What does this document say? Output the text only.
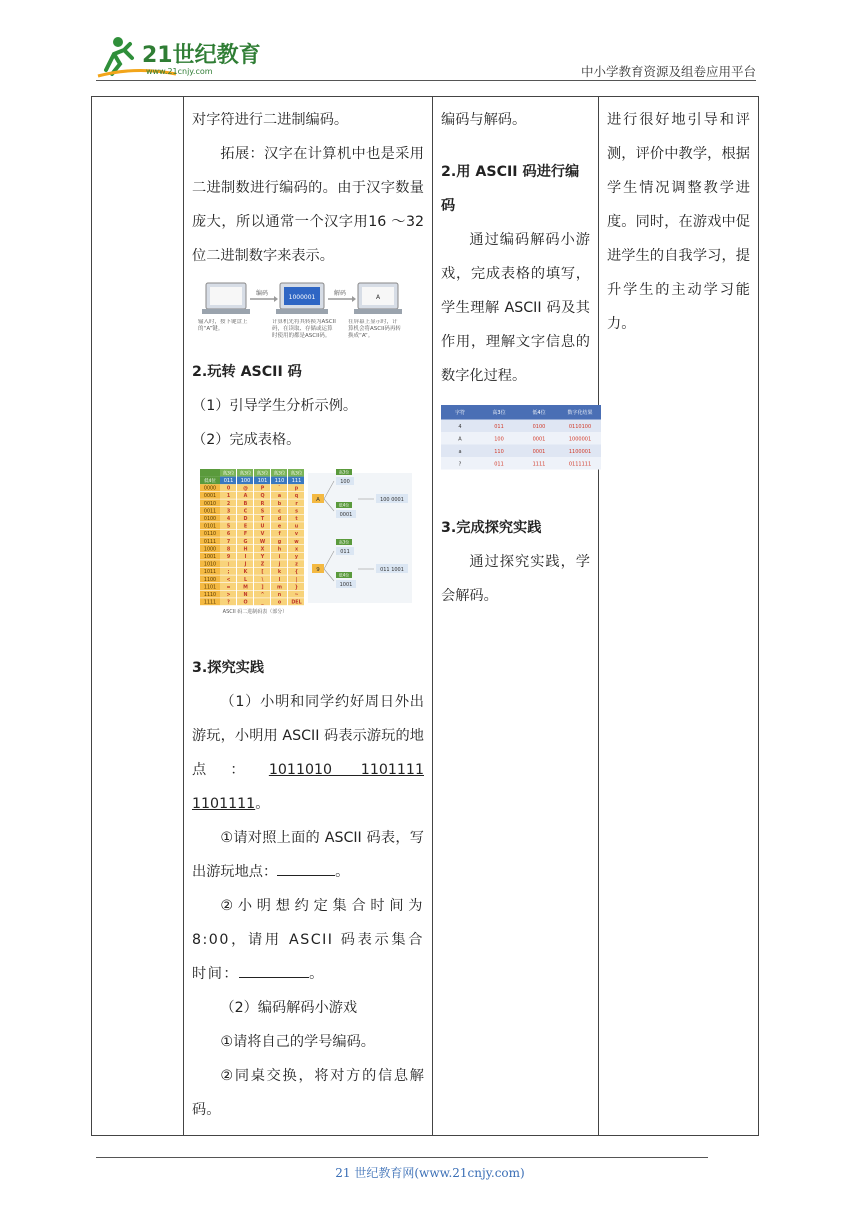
21世纪教育
www.21cnjy.com	中小学教育资源及组卷应用平台

对字符进行二进制编码。

拓展：汉字在计算机中也是采用二进制数进行编码的。由于汉字数量庞大，所以通常一个汉字用16 ～32 位二进制数字来表示。

编码
1000001
解码
A
输入时，按下键盘上的“A”键。
计算机先将其转换为ASCII码，在读取、存储或运算时使用的都是ASCII码。
在屏幕上显示时，计算机会将ASCII码再转换成“A”。

2.玩转 ASCII 码

（1）引导学生分析示例。

（2）完成表格。

高3位 高3位 高3位 高3位 高3位
低4位 011 100 101 110 111
0000 0	@	P	`	p
0001 1	A	Q	a	q
0010 2	B	R	b	r
0011 3	C	S	c	s
0100 4	D	T	d	t
0101 5	E	U	e	u
0110 6	F	V	f	v
0111 7	G	W	g	w
1000 8	H	X	h	x
1001 9	I	Y	i	y
1010 :	J	Z	j	z
1011 ;	K	[	k	{
1100 <	L	\	l	|
1101 =	M	]	m	}
1110 >	N	^	n	~
1111 ?	O	_	o DEL
ASCII 码二进制码表（部分）
A
高3位
100
低4位
0001
100 0001
9
高3位
011
低4位
1001
011 1001

3.探究实践

（1）小明和同学约好周日外出游玩，小明用 ASCII 码表示游玩的地点：1011010 1101111 1101111。

①请对照上面的 ASCII 码表，写出游玩地点：	。

②小明想约定集合时间为8:00，请用 ASCII 码表示集合时间：	。

（2）编码解码小游戏

①请将自己的学号编码。

②同桌交换，将对方的信息解码。

编码与解码。

2.用 ASCII 码进行编码

通过编码解码小游戏，完成表格的填写，学生理解 ASCII 码及其作用，理解文字信息的数字化过程。

字符	高3位	低4位	数字化结果
4	011	0100	0110100
A	100	0001	1000001
a	110	0001	1100001
?	011	1111	0111111

3.完成探究实践

通过探究实践，学会解码。

进行很好地引导和评测，评价中教学，根据学生情况调整教学进度。同时，在游戏中促进学生的自我学习，提升学生的主动学习能力。

21 世纪教育网(www.21cnjy.com)
